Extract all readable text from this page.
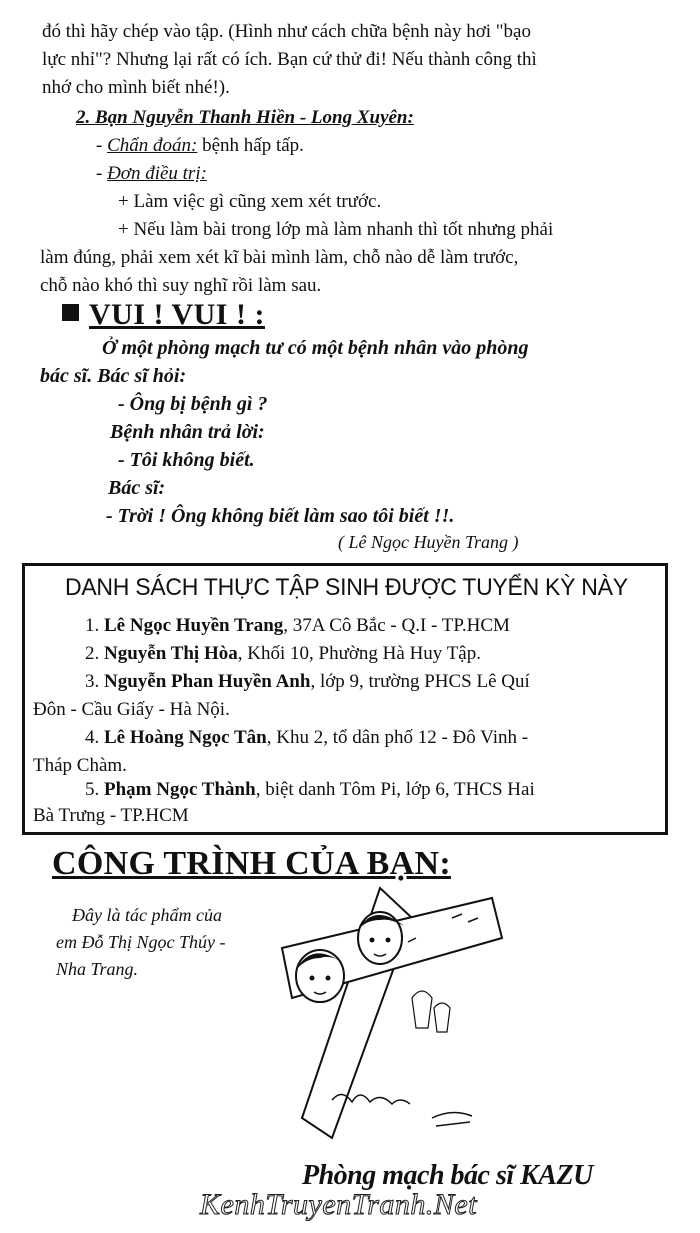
đó thì hãy chép vào tập. (Hình như cách chữa bệnh này hơi "bạo
lực nhỉ"? Nhưng lại rất có ích. Bạn cứ thử đi! Nếu thành công thì
nhớ cho mình biết nhé!).
2. Bạn Nguyễn Thanh Hiền - Long Xuyên:
- Chẩn đoán: bệnh hấp tấp.
- Đơn điều trị:
+ Làm việc gì cũng xem xét trước.
+ Nếu làm bài trong lớp mà làm nhanh thì tốt nhưng phải
làm đúng, phải xem xét kĩ bài mình làm, chỗ nào dễ làm trước,
chỗ nào khó thì suy nghĩ rồi làm sau.
VUI ! VUI ! :
Ở một phòng mạch tư có một bệnh nhân vào phòng
bác sĩ. Bác sĩ hỏi:
- Ông bị bệnh gì ?
Bệnh nhân trả lời:
- Tôi không biết.
Bác sĩ:
- Trời ! Ông không biết làm sao tôi biết !!.
( Lê Ngọc Huyền Trang )
DANH SÁCH THỰC TẬP SINH ĐƯỢC TUYỂN KỲ NÀY
1. Lê Ngọc Huyền Trang, 37A Cô Bắc - Q.I - TP.HCM
2. Nguyễn Thị Hòa, Khối 10, Phường Hà Huy Tập.
3. Nguyễn Phan Huyền Anh, lớp 9, trường PHCS Lê Quí
Đôn - Cầu Giấy - Hà Nội.
4. Lê Hoàng Ngọc Tân, Khu 2, tổ dân phố 12 - Đô Vinh -
Tháp Chàm.
5. Phạm Ngọc Thành, biệt danh Tôm Pi, lớp 6, THCS Hai
Bà Trưng - TP.HCM
CÔNG TRÌNH CỦA BẠN:
Đây là tác phẩm của
em Đỗ Thị Ngọc Thúy -
Nha Trang.
Phòng mạch bác sĩ KAZU
KenhTruyenTranh.Net
